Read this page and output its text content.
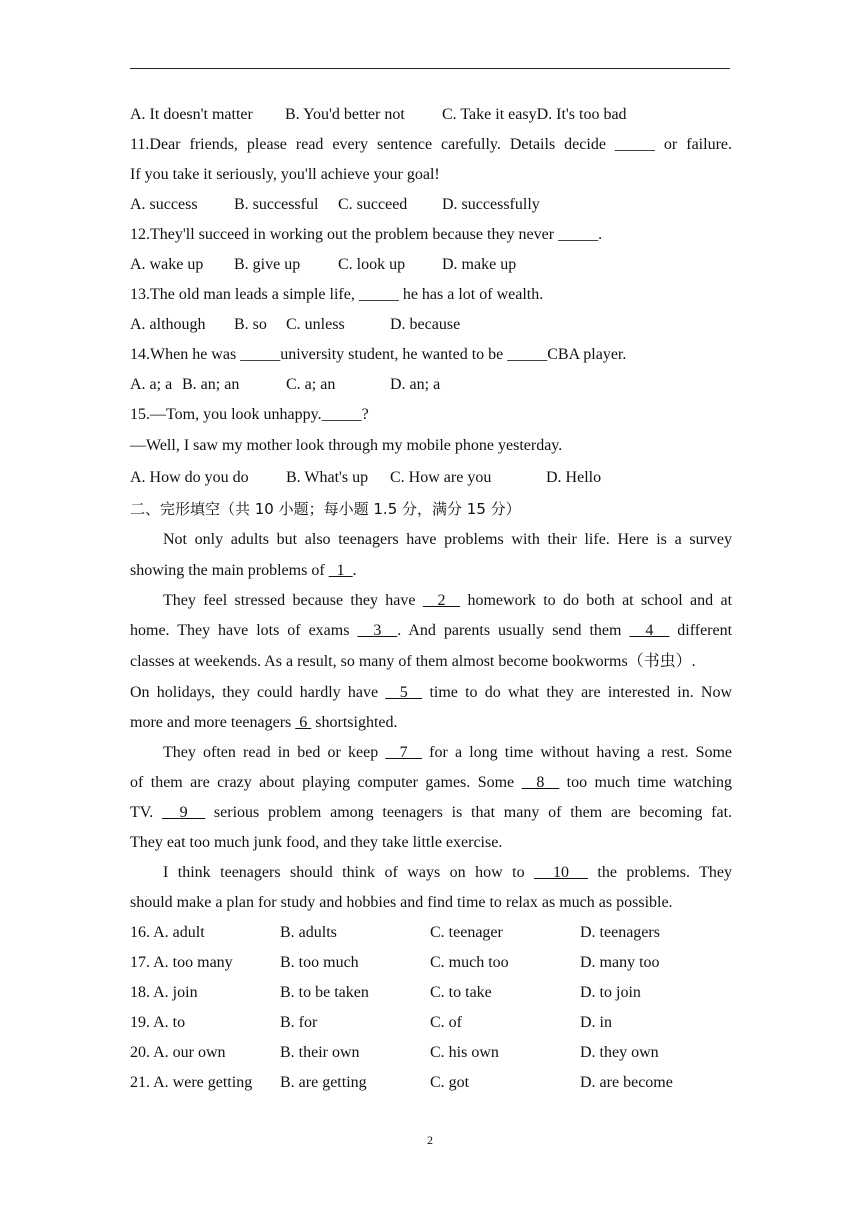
A. It doesn't matter B. You'd better not C. Take it easyD. It's too bad
11.Dear friends, please read every sentence carefully. Details decide _____ or failure.
If you take it seriously, you'll achieve your goal!
A. success B. successful C. succeed D. successfully
12.They'll succeed in working out the problem because they never _____.
A. wake up B. give up C. look up D. make up
13.The old man leads a simple life, _____ he has a lot of wealth.
A. although B. so C. unless	D. because
14.When he was _____university student, he wanted to be _____CBA player.
A. a; a B. an; an	C. a; an	D. an; a
15.—Tom, you look unhappy._____?
—Well, I saw my mother look through my mobile phone yesterday.
A. How do you do B. What's up C. How are you	D. Hello
二、完形填空（共 10 小题；每小题 1.5 分，满分 15 分）
Not only adults but also teenagers have problems with their life. Here is a survey
showing the main problems of   1  .
They feel stressed because they have   2   homework to do both at school and at
home. They have lots of exams   3  . And parents usually send them   4   different
classes at weekends. As a result, so many of them almost become bookworms（书虫）.
On holidays, they could hardly have   5   time to do what they are interested in. Now
more and more teenagers  6  shortsighted.
They often read in bed or keep   7   for a long time without having a rest. Some
of them are crazy about playing computer games. Some   8   too much time watching
TV.   9   serious problem among teenagers is that many of them are becoming fat.
They eat too much junk food, and they take little exercise.
I think teenagers should think of ways on how to   10   the problems. They
should make a plan for study and hobbies and find time to relax as much as possible.
16. A. adult	B. adults	C. teenager	D. teenagers
17. A. too many	B. too much	C. much too	D. many too
18. A. join	B. to be taken	C. to take	D. to join
19. A. to	B. for	C. of	D. in
20. A. our own	B. their own	C. his own	D. they own
21. A. were getting	B. are getting	C. got	D. are become
2
